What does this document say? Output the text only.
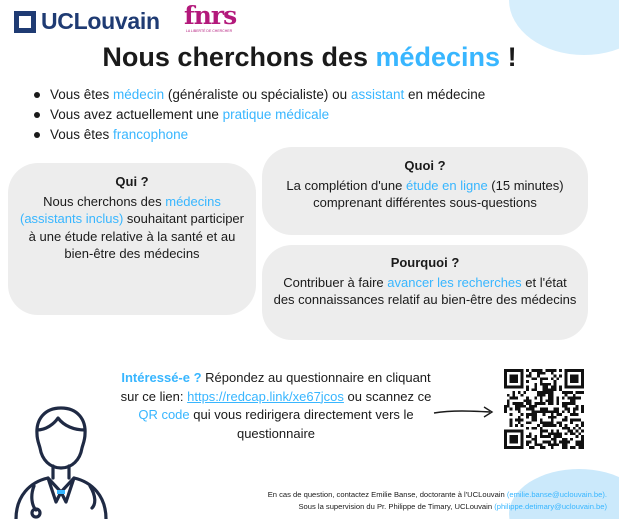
UCLouvain fnrs
LA LIBERTÉ DE CHERCHER
Nous cherchons des médecins !
Vous êtes médecin (généraliste ou spécialiste) ou assistant en médecine
Vous avez actuellement une pratique médicale
Vous êtes francophone
Qui ?
Nous cherchons des médecins (assistants inclus) souhaitant participer à une étude relative à la santé et au bien-être des médecins
Quoi ?
La complétion d'une étude en ligne (15 minutes) comprenant différentes sous-questions
Pourquoi ?
Contribuer à faire avancer les recherches et l'état des connaissances relatif au bien-être des médecins
Intéressé-e ? Répondez au questionnaire en cliquant sur ce lien: https://redcap.link/xe67jcos ou scannez ce QR code qui vous redirigera directement vers le questionnaire
En cas de question, contactez Emilie Banse, doctorante à l'UCLouvain (emilie.banse@uclouvain.be).
Sous la supervision du Pr. Philippe de Timary, UCLouvain (philippe.detimary@uclouvain.be)
